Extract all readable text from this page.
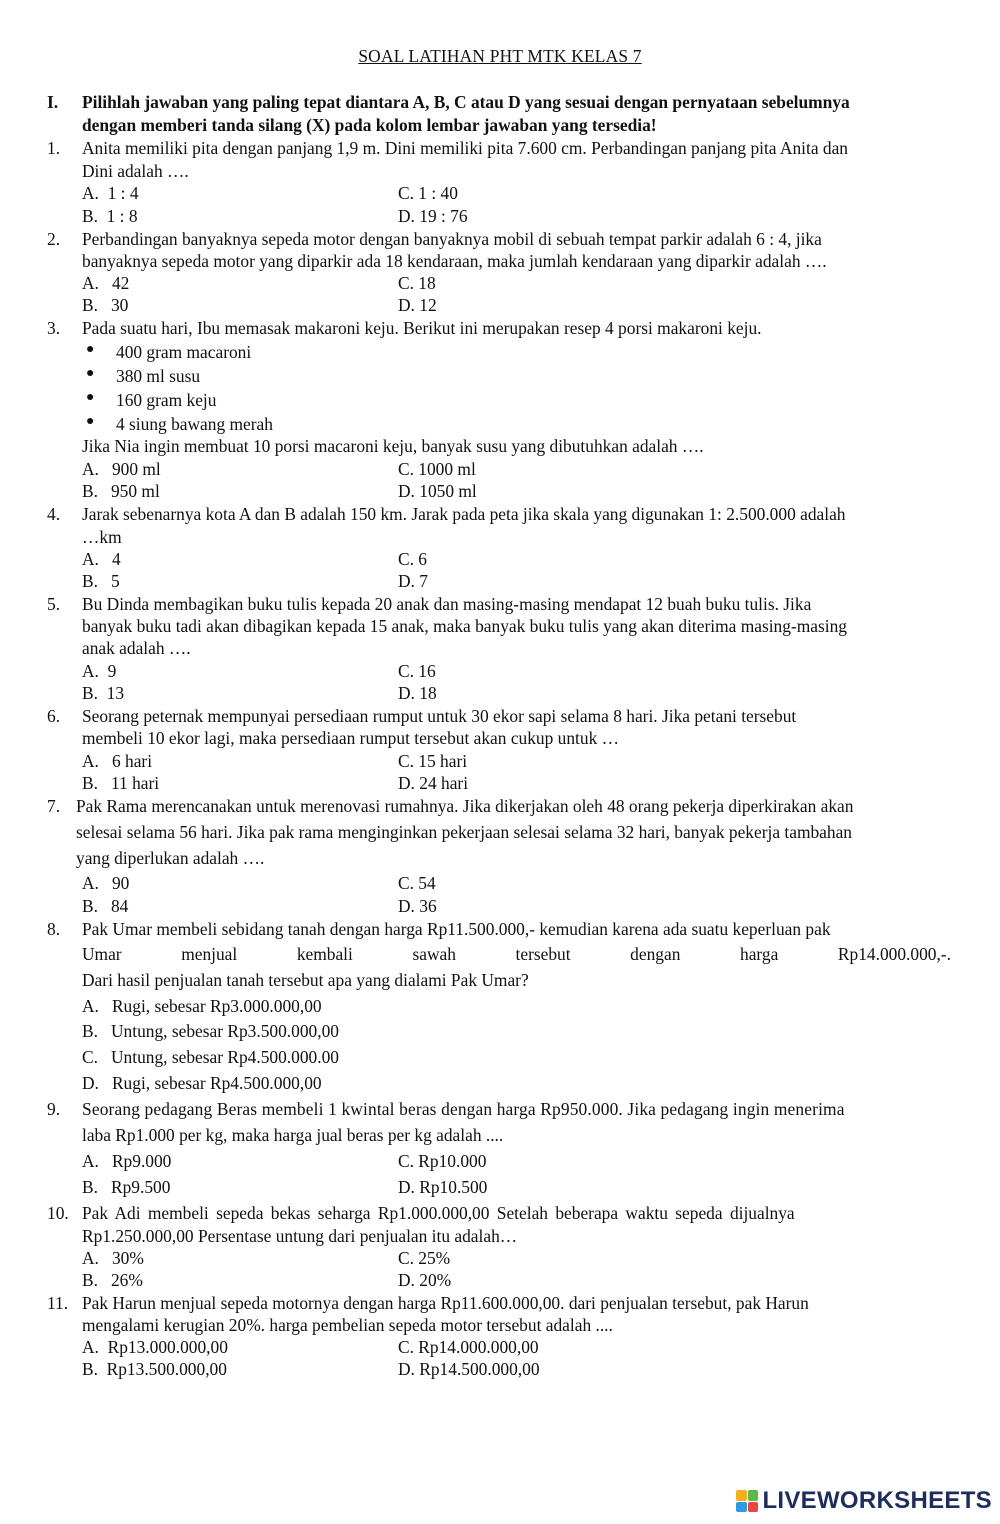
SOAL LATIHAN PHT MTK KELAS 7
I. Pilihlah jawaban yang paling tepat diantara A, B, C atau D yang sesuai dengan pernyataan sebelumnya
dengan memberi tanda silang (X) pada kolom lembar jawaban yang tersedia!
1. Anita memiliki pita dengan panjang 1,9 m. Dini memiliki pita 7.600 cm. Perbandingan panjang pita Anita dan
Dini adalah ….
A.  1 : 4	C. 1 : 40
B.  1 : 8	D. 19 : 76
2. Perbandingan banyaknya sepeda motor dengan banyaknya mobil di sebuah tempat parkir adalah 6 : 4, jika
banyaknya sepeda motor yang diparkir ada 18 kendaraan, maka jumlah kendaraan yang diparkir adalah ….
A.   42	C. 18
B.   30	D. 12
3. Pada suatu hari, Ibu memasak makaroni keju. Berikut ini merupakan resep 4 porsi makaroni keju.
● 400 gram macaroni
● 380 ml susu
● 160 gram keju
● 4 siung bawang merah
Jika Nia ingin membuat 10 porsi macaroni keju, banyak susu yang dibutuhkan adalah ….
A.   900 ml	C. 1000 ml
B.   950 ml	D. 1050 ml
4. Jarak sebenarnya kota A dan B adalah 150 km. Jarak pada peta jika skala yang digunakan 1: 2.500.000 adalah
…km
A.   4	C. 6
B.   5	D. 7
5. Bu Dinda membagikan buku tulis kepada 20 anak dan masing-masing mendapat 12 buah buku tulis. Jika
banyak buku tadi akan dibagikan kepada 15 anak, maka banyak buku tulis yang akan diterima masing-masing
anak adalah ….
A.  9	C. 16
B.  13	D. 18
6. Seorang peternak mempunyai persediaan rumput untuk 30 ekor sapi selama 8 hari. Jika petani tersebut
membeli 10 ekor lagi, maka persediaan rumput tersebut akan cukup untuk …
A.   6 hari	C. 15 hari
B.   11 hari	D. 24 hari
7. Pak Rama merencanakan untuk merenovasi rumahnya. Jika dikerjakan oleh 48 orang pekerja diperkirakan akan
selesai selama 56 hari. Jika pak rama menginginkan pekerjaan selesai selama 32 hari, banyak pekerja tambahan
yang diperlukan adalah ….
A.   90	C. 54
B.   84	D. 36
8. Pak Umar membeli sebidang tanah dengan harga Rp11.500.000,- kemudian karena ada suatu keperluan pak
Umar	menjual	kembali	sawah	tersebut	dengan	harga	Rp14.000.000,-.
Dari hasil penjualan tanah tersebut apa yang dialami Pak Umar?
A.   Rugi, sebesar Rp3.000.000,00
B.   Untung, sebesar Rp3.500.000,00
C.   Untung, sebesar Rp4.500.000.00
D.   Rugi, sebesar Rp4.500.000,00
9. Seorang pedagang Beras membeli 1 kwintal beras dengan harga Rp950.000. Jika pedagang ingin menerima
laba Rp1.000 per kg, maka harga jual beras per kg adalah ....
A.   Rp9.000	C. Rp10.000
B.   Rp9.500	D. Rp10.500
10. Pak Adi membeli sepeda bekas seharga Rp1.000.000,00 Setelah beberapa waktu sepeda dijualnya
Rp1.250.000,00 Persentase untung dari penjualan itu adalah…
A.   30%	C. 25%
B.   26%	D. 20%
11. Pak Harun menjual sepeda motornya dengan harga Rp11.600.000,00. dari penjualan tersebut, pak Harun
mengalami kerugian 20%. harga pembelian sepeda motor tersebut adalah ....
A.  Rp13.000.000,00	C. Rp14.000.000,00
B.  Rp13.500.000,00	D. Rp14.500.000,00
LIVEWORKSHEETS
